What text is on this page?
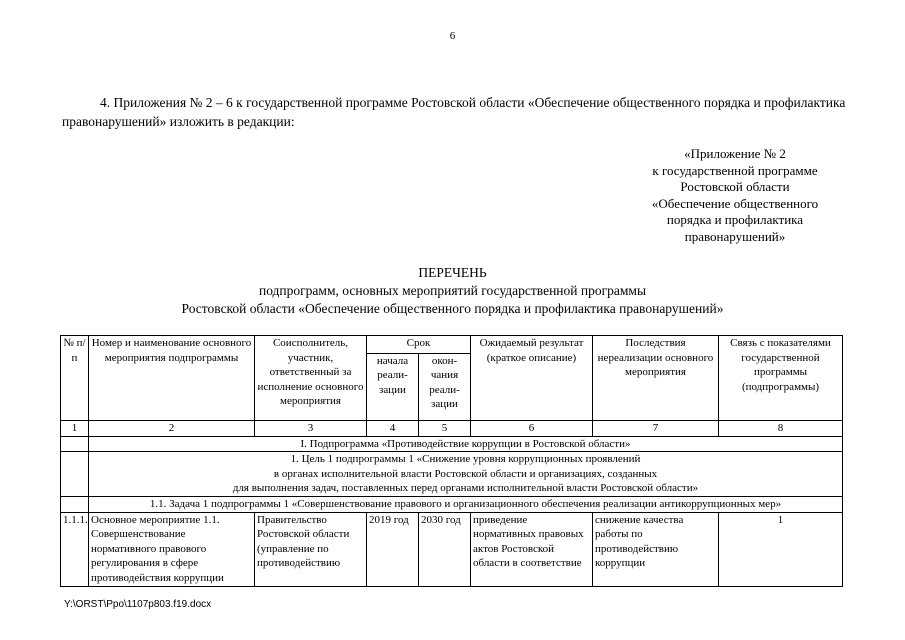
6
4. Приложения № 2 – 6 к государственной программе Ростовской области «Обеспечение общественного порядка и профилактика правонарушений» изложить в редакции:
«Приложение № 2
к государственной программе
Ростовской области
«Обеспечение общественного
порядка и профилактика
правонарушений»
ПЕРЕЧЕНЬ
подпрограмм, основных мероприятий государственной программы
Ростовской области «Обеспечение общественного порядка и профилактика правонарушений»
№ п/п	Номер и наименование основного мероприятия подпрограммы	Соисполнитель, участник, ответственный за исполнение основного мероприятия	Срок		Ожидаемый результат (краткое описание)	Последствия нереализации основного мероприятия	Связь с показателями государственной программы (подпрограммы)
			начала реали-зации	окон-чания реали-зации			
1	2	3	4	5	6	7	8
	I. Подпрограмма «Противодействие коррупции в Ростовской области»						

	1. Цель 1 подпрограммы 1 «Снижение уровня коррупционных проявлений
в органах исполнительной власти Ростовской области и организациях, созданных
для выполнения задач, поставленных перед органами исполнительной власти Ростовской области»						

	1.1. Задача 1 подпрограммы 1 «Совершенствование правового и организационного обеспечения реализации антикоррупционных мер»						
1.1.1.	Основное мероприятие 1.1. Совершенствование нормативного правового регулирования в сфере противодействия коррупции	Правительство Ростовской области (управление по противодействию	2019 год	2030 год	приведение нормативных правовых актов Ростовской области в соответствие	снижение качества работы по противодействию коррупции	1
Y:\ORST\Ppo\1107p803.f19.docx
